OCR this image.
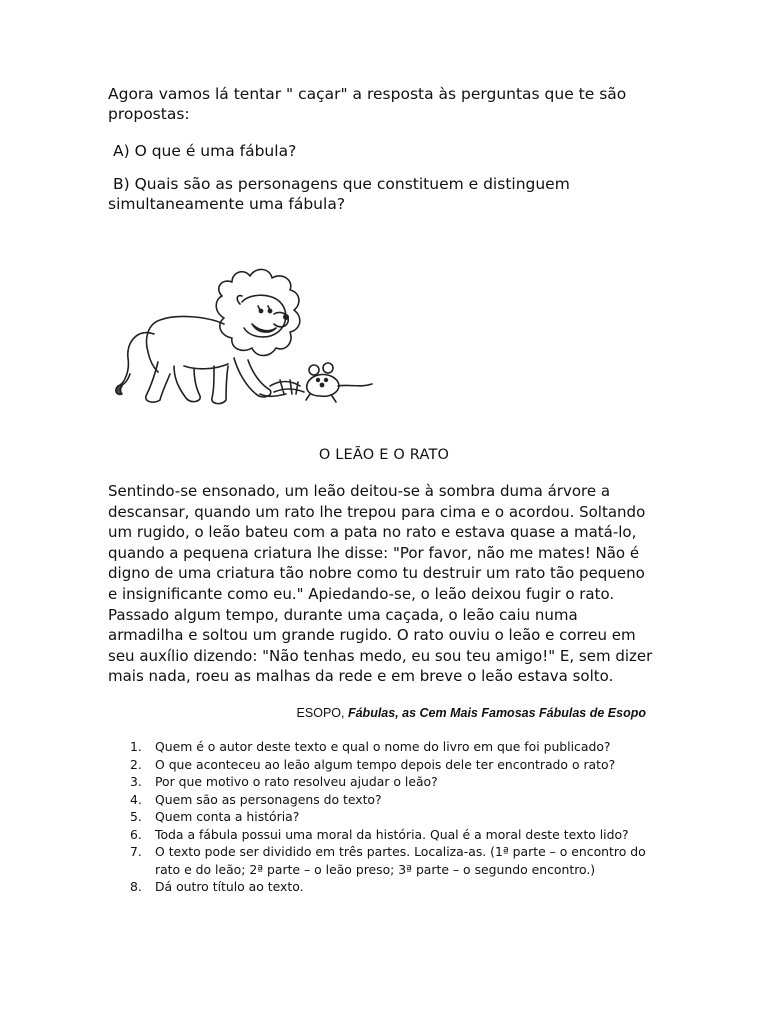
Agora vamos lá tentar " caçar" a resposta às perguntas que te são propostas:

A) O que é uma fábula?

B) Quais são as personagens que constituem e distinguem simultaneamente uma fábula?

O LEÃO E O RATO

Sentindo-se ensonado, um leão deitou-se à sombra duma árvore a descansar, quando um rato lhe trepou para cima e o acordou. Soltando um rugido, o leão bateu com a pata no rato e estava quase a matá-lo, quando a pequena criatura lhe disse: "Por favor, não me mates! Não é digno de uma criatura tão nobre como tu destruir um rato tão pequeno e insignificante como eu." Apiedando-se, o leão deixou fugir o rato. Passado algum tempo, durante uma caçada, o leão caiu numa armadilha e soltou um grande rugido. O rato ouviu o leão e correu em seu auxílio dizendo: "Não tenhas medo, eu sou teu amigo!" E, sem dizer mais nada, roeu as malhas da rede e em breve o leão estava solto.

ESOPO, Fábulas, as Cem Mais Famosas Fábulas de Esopo
1.	Quem é o autor deste texto e qual o nome do livro em que foi publicado?
2.	O que aconteceu ao leão algum tempo depois dele ter encontrado o rato?
3.	Por que motivo o rato resolveu ajudar o leão?
4.	Quem são as personagens do texto?
5.	Quem conta a história?
6.	Toda a fábula possui uma moral da história. Qual é a moral deste texto lido?
7.	O texto pode ser dividido em três partes. Localiza-as. (1ª parte – o encontro do rato e do leão; 2ª parte – o leão preso; 3ª parte – o segundo encontro.)
8.	Dá outro título ao texto.
